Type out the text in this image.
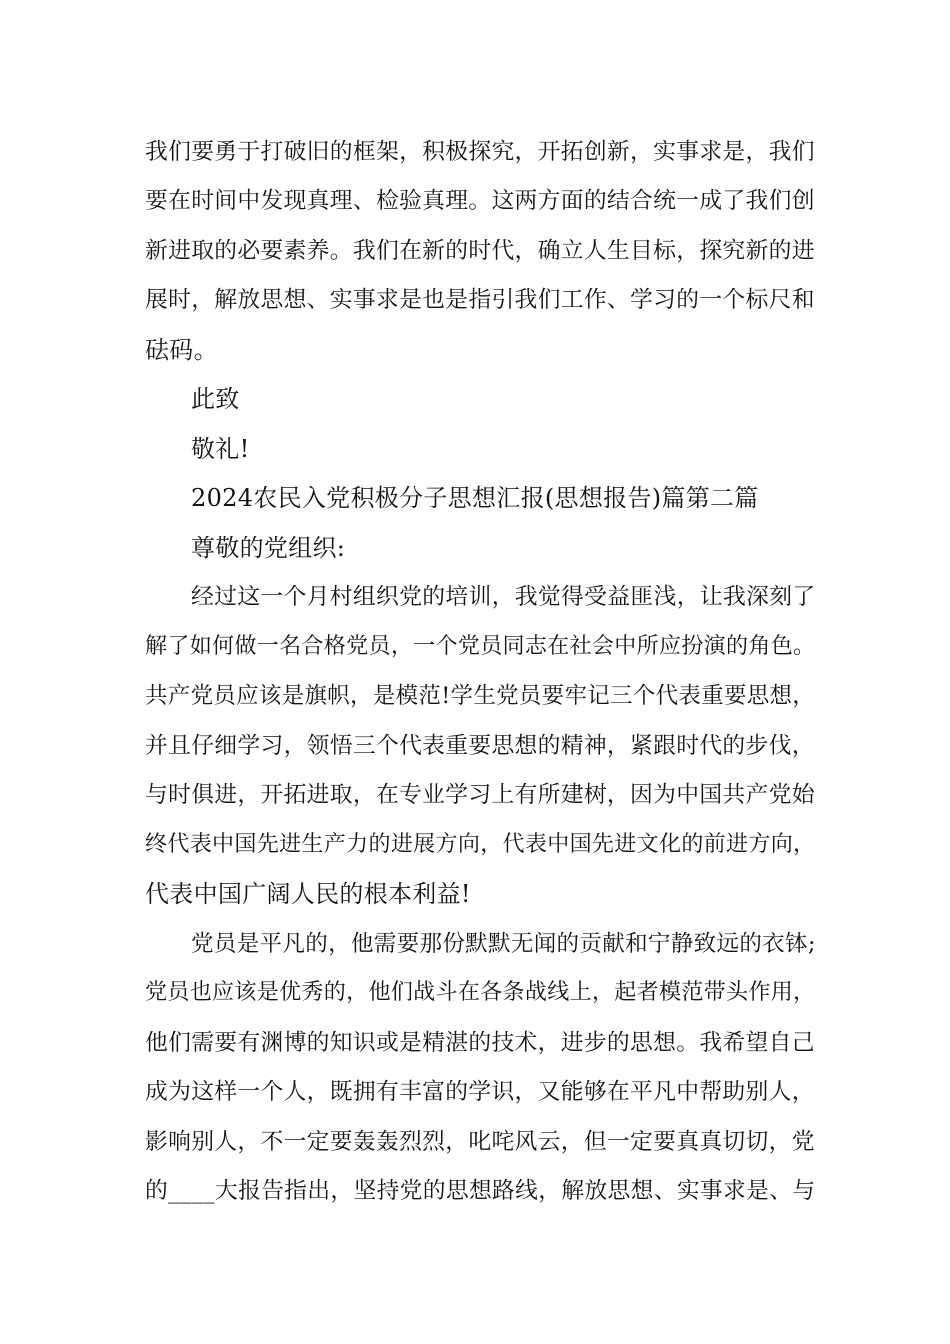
我们要勇于打破旧的框架，积极探究，开拓创新，实事求是，我们
要在时间中发现真理、检验真理。这两方面的结合统一成了我们创
新进取的必要素养。我们在新的时代，确立人生目标，探究新的进
展时，解放思想、实事求是也是指引我们工作、学习的一个标尺和
砝码。
此致
敬礼!
2024农民入党积极分子思想汇报(思想报告)篇第二篇
尊敬的党组织:
经过这一个月村组织党的培训，我觉得受益匪浅，让我深刻了
解了如何做一名合格党员，一个党员同志在社会中所应扮演的角色。
共产党员应该是旗帜，是模范!学生党员要牢记三个代表重要思想，
并且仔细学习，领悟三个代表重要思想的精神，紧跟时代的步伐，
与时俱进，开拓进取，在专业学习上有所建树，因为中国共产党始
终代表中国先进生产力的进展方向，代表中国先进文化的前进方向，
代表中国广阔人民的根本利益!
党员是平凡的，他需要那份默默无闻的贡献和宁静致远的衣钵;
党员也应该是优秀的，他们战斗在各条战线上，起者模范带头作用，
他们需要有渊博的知识或是精湛的技术，进步的思想。我希望自己
成为这样一个人，既拥有丰富的学识，又能够在平凡中帮助别人，
影响别人，不一定要轰轰烈烈，叱咤风云，但一定要真真切切，党
的____大报告指出，坚持党的思想路线，解放思想、实事求是、与
